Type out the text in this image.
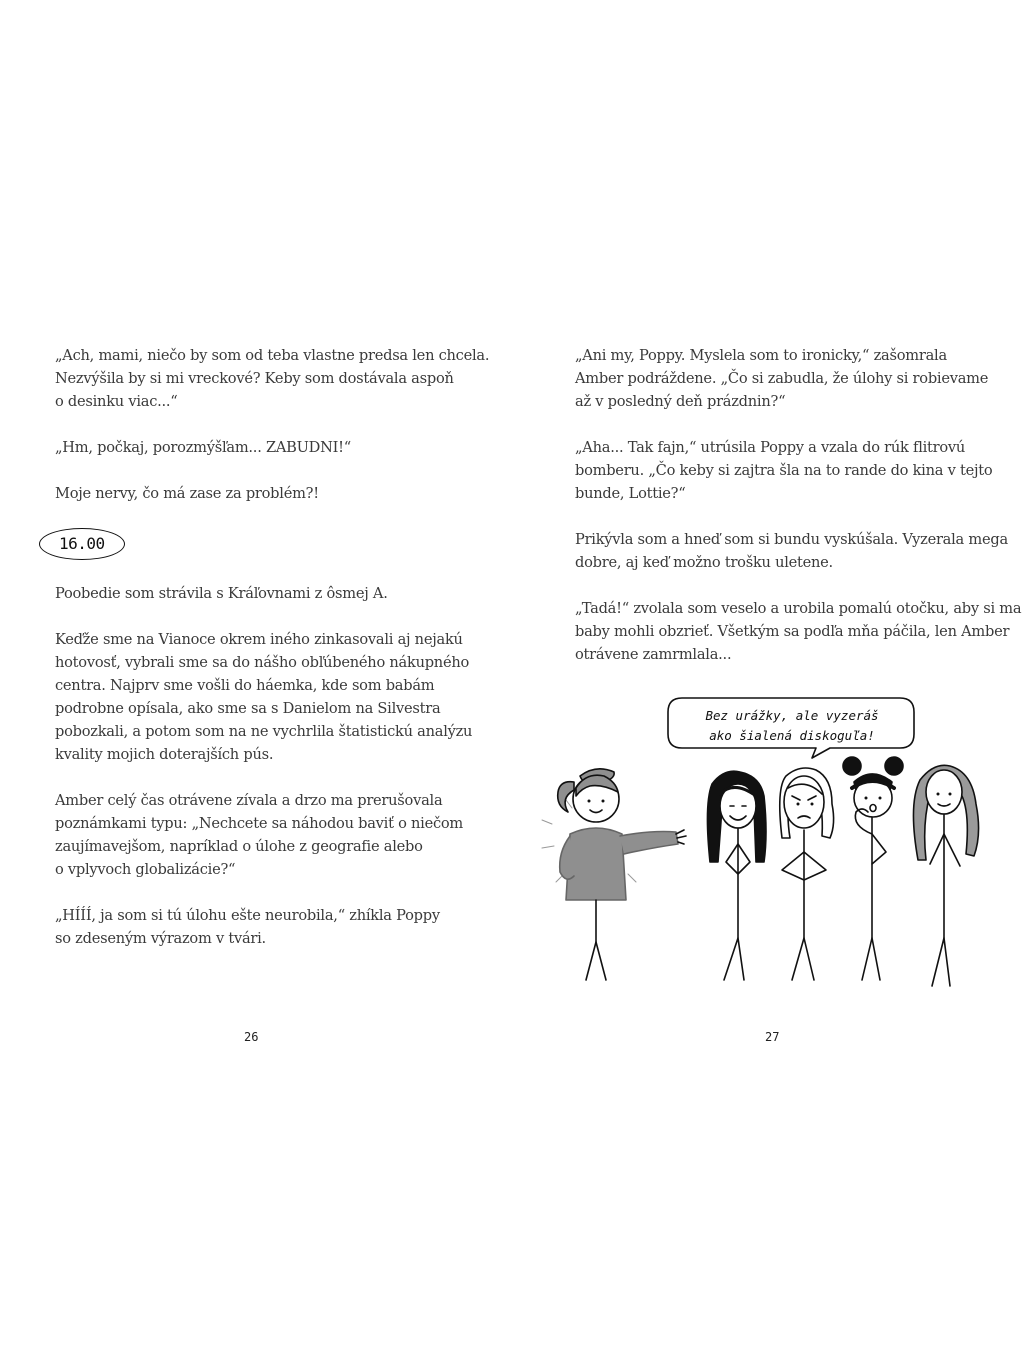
„Ach, mami, niečo by som od teba vlastne predsa len chcela.
Nezvýšila by si mi vreckové? Keby som dostávala aspoň
o desinku viac...“

„Hm, počkaj, porozmýšľam... ZABUDNI!“

Moje nervy, čo má zase za problém?!

16.00

Poobedie som strávila s Kráľovnami z ôsmej A.

Keďže sme na Vianoce okrem iného zinkasovali aj nejakú
hotovosť, vybrali sme sa do nášho obľúbeného nákupného
centra. Najprv sme vošli do háemka, kde som babám
podrobne opísala, ako sme sa s Danielom na Silvestra
pobozkali, a potom som na ne vychrlila štatistickú analýzu
kvality mojich doterajších pús.

Amber celý čas otrávene zívala a drzo ma prerušovala
poznámkami typu: „Nechcete sa náhodou baviť o niečom
zaujímavejšom, napríklad o úlohe z geografie alebo
o vplyvoch globalizácie?“

„HÍÍÍ, ja som si tú úlohu ešte neurobila,“ zhíkla Poppy
so zdeseným výrazom v tvári.

26

„Ani my, Poppy. Myslela som to ironicky,“ zašomrala
Amber podráždene. „Čo si zabudla, že úlohy si robievame
až v posledný deň prázdnin?“

„Aha... Tak fajn,“ utrúsila Poppy a vzala do rúk flitrovú
bomberu. „Čo keby si zajtra šla na to rande do kina v tejto
bunde, Lottie?“

Prikývla som a hneď som si bundu vyskúšala. Vyzerala mega
dobre, aj keď možno trošku uletene.

„Tadá!“ zvolala som veselo a urobila pomalú otočku, aby si ma
baby mohli obzrieť. Všetkým sa podľa mňa páčila, len Amber
otrávene zamrmlala...

27
Bez urážky, ale vyzeráš
ako šialená diskoguľa!
